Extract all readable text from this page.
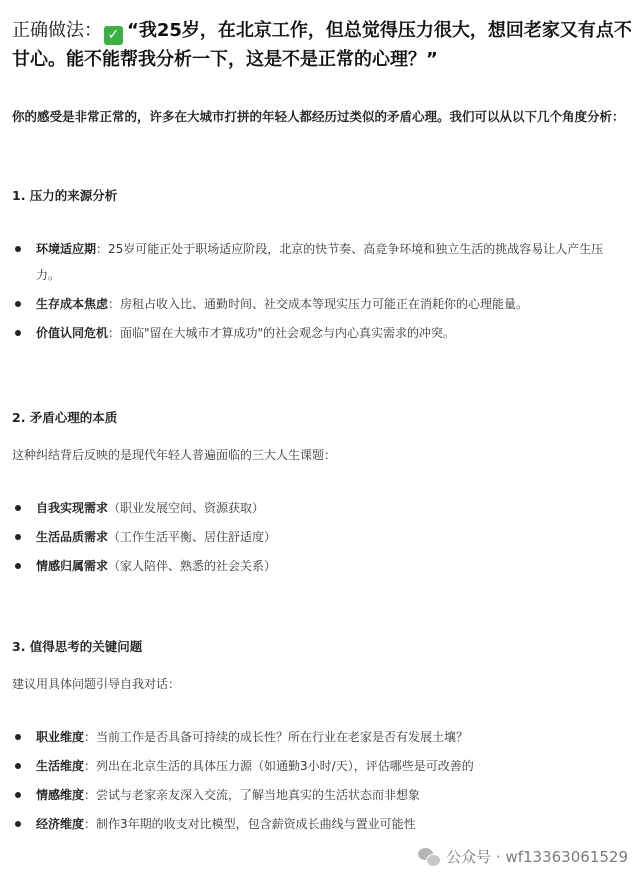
正确做法： ✓ “我25岁，在北京工作，但总觉得压力很大，想回老家又有点不甘心。能不能帮我分析一下，这是不是正常的心理？”
你的感受是非常正常的，许多在大城市打拼的年轻人都经历过类似的矛盾心理。我们可以从以下几个角度分析：
1. 压力的来源分析
环境适应期：25岁可能正处于职场适应阶段，北京的快节奏、高竞争环境和独立生活的挑战容易让人产生压力。
生存成本焦虑：房租占收入比、通勤时间、社交成本等现实压力可能正在消耗你的心理能量。
价值认同危机：面临"留在大城市才算成功"的社会观念与内心真实需求的冲突。
2. 矛盾心理的本质
这种纠结背后反映的是现代年轻人普遍面临的三大人生课题：
自我实现需求（职业发展空间、资源获取）
生活品质需求（工作生活平衡、居住舒适度）
情感归属需求（家人陪伴、熟悉的社会关系）
3. 值得思考的关键问题
建议用具体问题引导自我对话：
职业维度：当前工作是否具备可持续的成长性？所在行业在老家是否有发展土壤？
生活维度：列出在北京生活的具体压力源（如通勤3小时/天），评估哪些是可改善的
情感维度：尝试与老家亲友深入交流，了解当地真实的生活状态而非想象
经济维度：制作3年期的收支对比模型，包含薪资成长曲线与置业可能性
公众号 · wf13363061529
